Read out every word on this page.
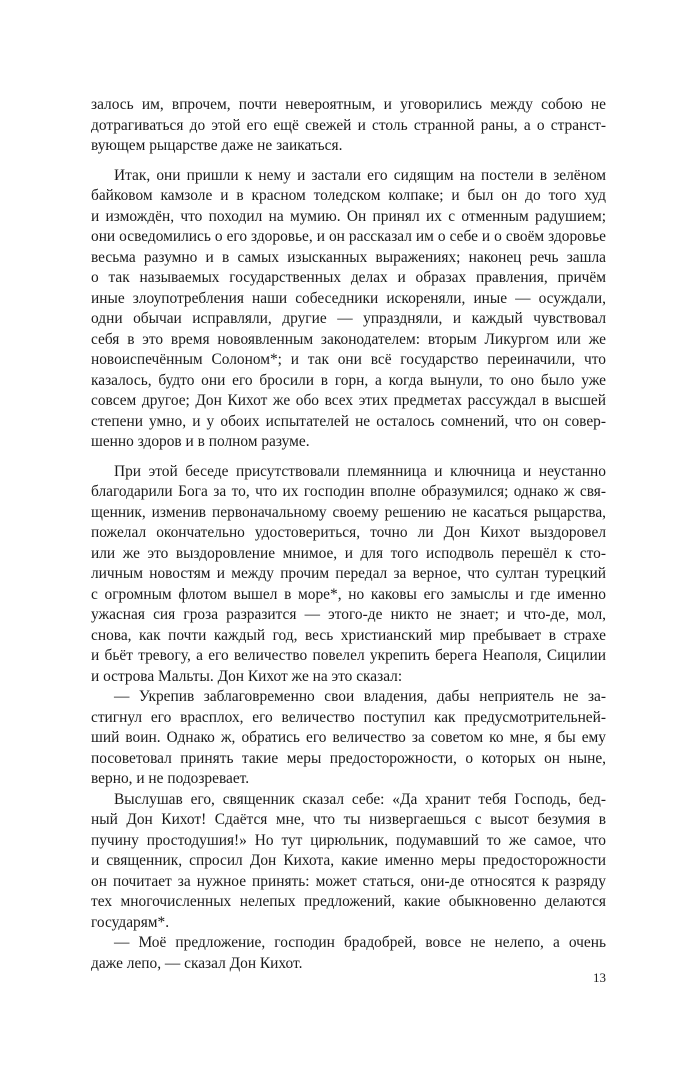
залось им, впрочем, почти невероятным, и уговорились между собою не
дотрагиваться до этой его ещё свежей и столь странной раны, а о странст-
вующем рыцарстве даже не заикаться.
Итак, они пришли к нему и застали его сидящим на постели в зелёном
байковом камзоле и в красном толедском колпаке; и был он до того худ
и измождён, что походил на мумию. Он принял их с отменным радушием;
они осведомились о его здоровье, и он рассказал им о себе и о своём здоровье
весьма разумно и в самых изысканных выражениях; наконец речь зашла
о так называемых государственных делах и образах правления, причём
иные злоупотребления наши собеседники искореняли, иные — осуждали,
одни обычаи исправляли, другие — упраздняли, и каждый чувствовал
себя в это время новоявленным законодателем: вторым Ликургом или же
новоиспечённым Солоном*; и так они всё государство переиначили, что
казалось, будто они его бросили в горн, а когда вынули, то оно было уже
совсем другое; Дон Кихот же обо всех этих предметах рассуждал в высшей
степени умно, и у обоих испытателей не осталось сомнений, что он совер-
шенно здоров и в полном разуме.
При этой беседе присутствовали племянница и ключница и неустанно
благодарили Бога за то, что их господин вполне образумился; однако ж свя-
щенник, изменив первоначальному своему решению не касаться рыцарства,
пожелал окончательно удостовериться, точно ли Дон Кихот выздоровел
или же это выздоровление мнимое, и для того исподволь перешёл к сто-
личным новостям и между прочим передал за верное, что султан турецкий
с огромным флотом вышел в море*, но каковы его замыслы и где именно
ужасная сия гроза разразится — этого-де никто не знает; и что-де, мол,
снова, как почти каждый год, весь христианский мир пребывает в страхе
и бьёт тревогу, а его величество повелел укрепить берега Неаполя, Сицилии
и острова Мальты. Дон Кихот же на это сказал:
— Укрепив заблаговременно свои владения, дабы неприятель не за-
стигнул его врасплох, его величество поступил как предусмотрительней-
ший воин. Однако ж, обратись его величество за советом ко мне, я бы ему
посоветовал принять такие меры предосторожности, о которых он ныне,
верно, и не подозревает.
Выслушав его, священник сказал себе: «Да хранит тебя Господь, бед-
ный Дон Кихот! Сдаётся мне, что ты низвергаешься с высот безумия в
пучину простодушия!» Но тут цирюльник, подумавший то же самое, что
и священник, спросил Дон Кихота, какие именно меры предосторожности
он почитает за нужное принять: может статься, они-де относятся к разряду
тех многочисленных нелепых предложений, какие обыкновенно делаются
государям*.
— Моё предложение, господин брадобрей, вовсе не нелепо, а очень
даже лепо, — сказал Дон Кихот.
13
